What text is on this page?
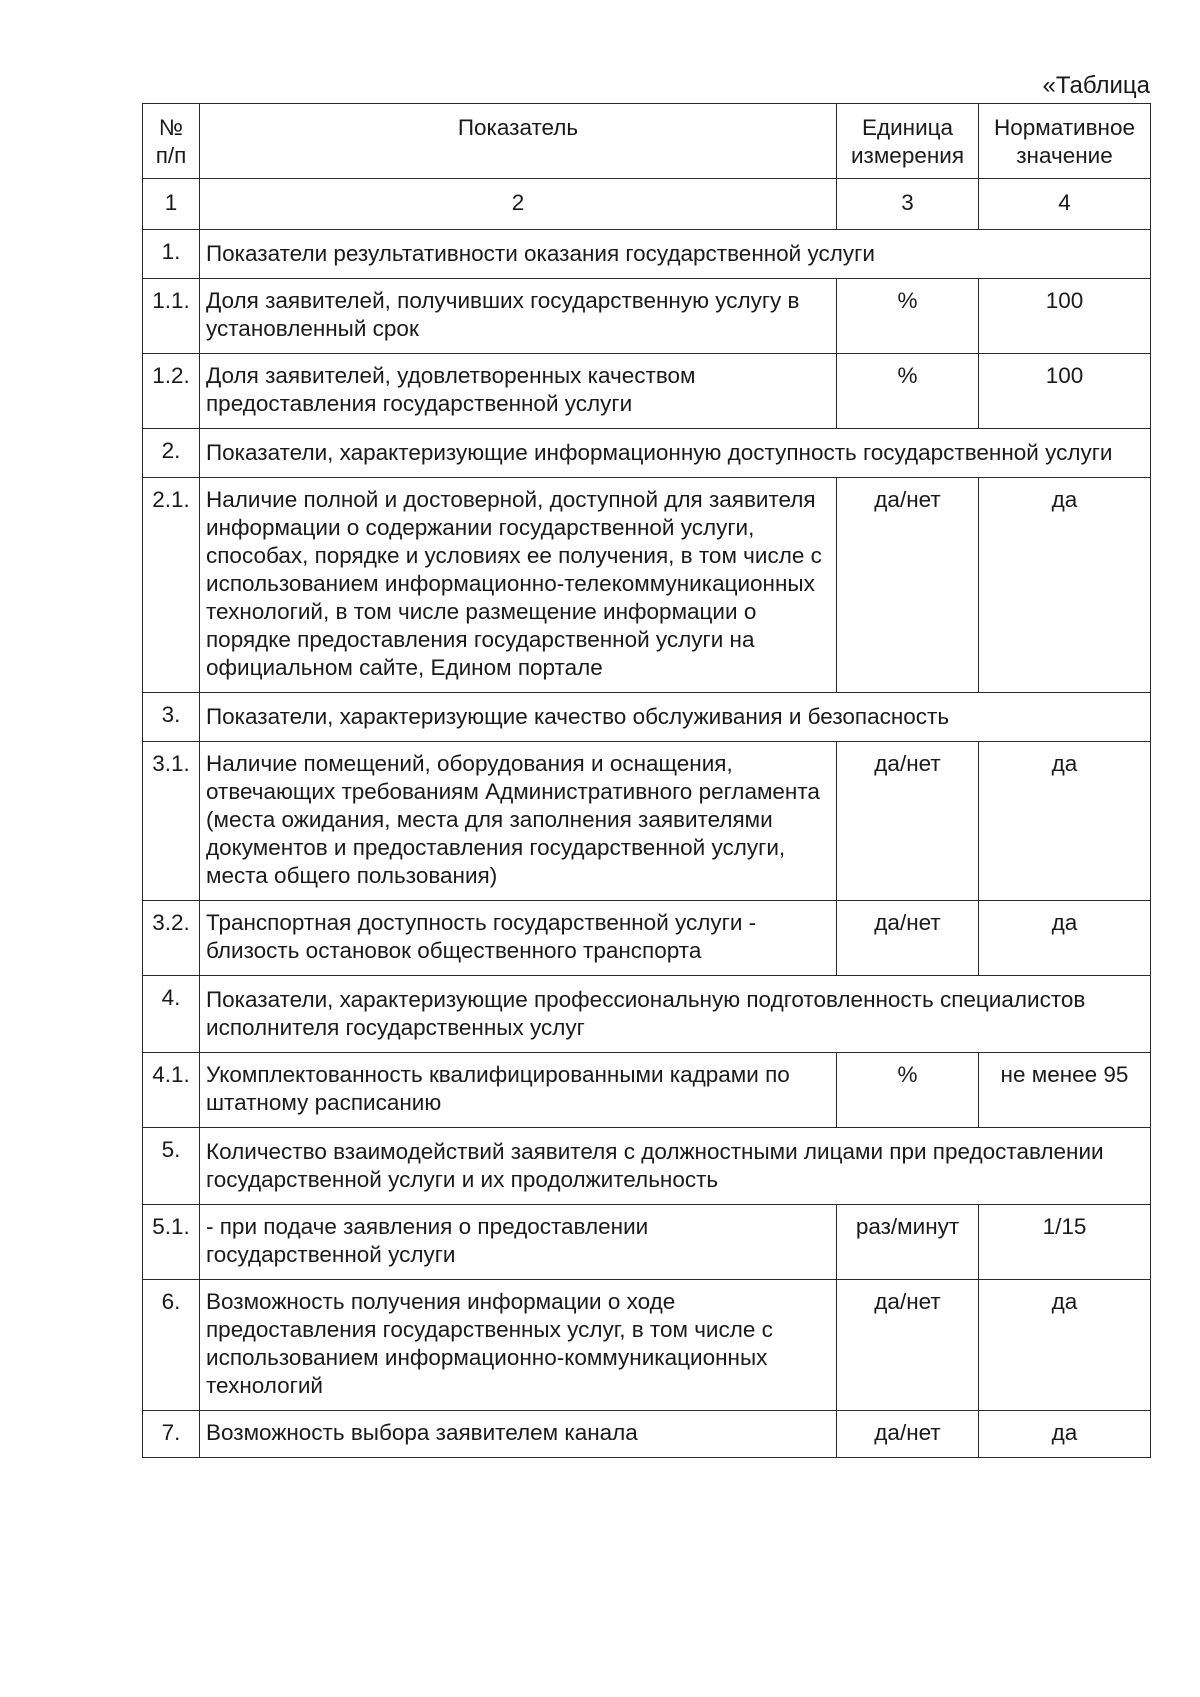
«Таблица
№ п/п	Показатель	Единица измерения	Нормативное значение
1	2	3	4
1.	Показатели результативности оказания государственной услуги		
1.1.	Доля заявителей, получивших государственную услугу в установленный срок	%	100
1.2.	Доля заявителей, удовлетворенных качеством предоставления государственной услуги	%	100
2.	Показатели, характеризующие информационную доступность государственной услуги		
2.1.	Наличие полной и достоверной, доступной для заявителя информации о содержании государственной услуги, способах, порядке и условиях ее получения, в том числе с использованием информационно-телекоммуникационных технологий, в том числе размещение информации о порядке предоставления государственной услуги на официальном сайте, Едином портале	да/нет	да
3.	Показатели, характеризующие качество обслуживания и безопасность		
3.1.	Наличие помещений, оборудования и оснащения, отвечающих требованиям Административного регламента (места ожидания, места для заполнения заявителями документов и предоставления государственной услуги, места общего пользования)	да/нет	да
3.2.	Транспортная доступность государственной услуги - близость остановок общественного транспорта	да/нет	да
4.	Показатели, характеризующие профессиональную подготовленность специалистов исполнителя государственных услуг		
4.1.	Укомплектованность квалифицированными кадрами по штатному расписанию	%	не менее 95
5.	Количество взаимодействий заявителя с должностными лицами при предоставлении государственной услуги и их продолжительность		
5.1.	- при подаче заявления о предоставлении государственной услуги	раз/минут	1/15
6.	Возможность получения информации о ходе предоставления государственных услуг, в том числе с использованием информационно-коммуникационных технологий	да/нет	да
7.	Возможность выбора заявителем канала	да/нет	да
